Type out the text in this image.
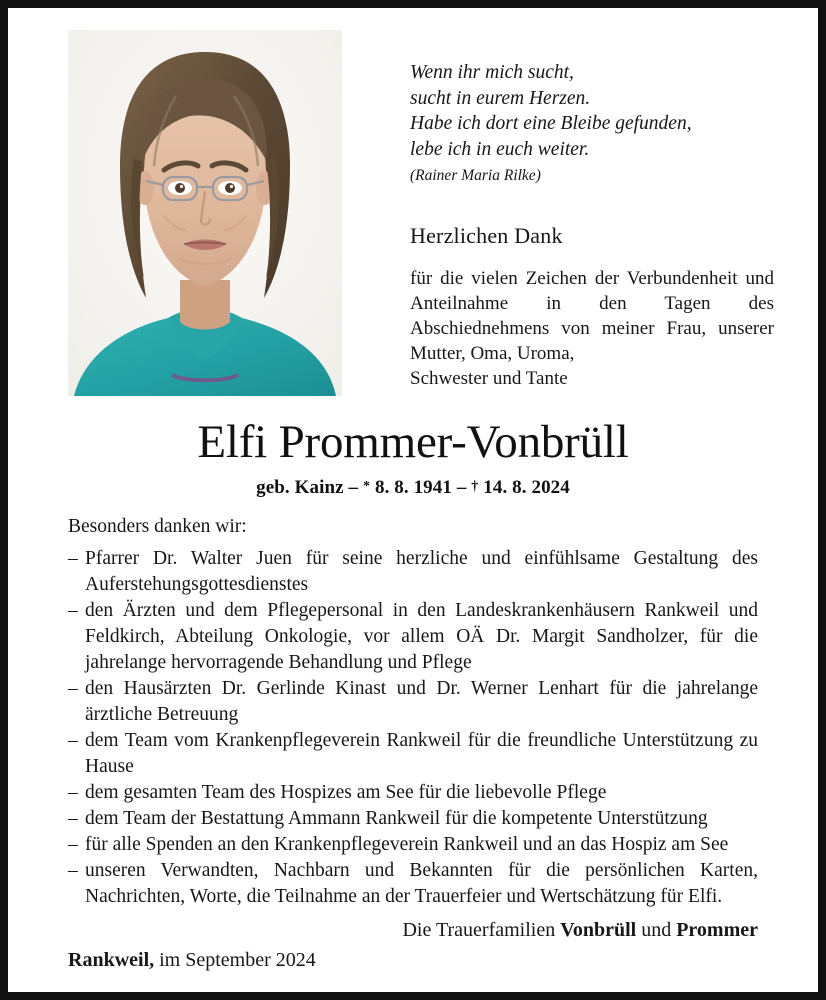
Wenn ihr mich sucht,
sucht in eurem Herzen.
Habe ich dort eine Bleibe gefunden,
lebe ich in euch weiter.
(Rainer Maria Rilke)
Herzlichen Dank
für die vielen Zeichen der Verbundenheit und Anteilnahme in den Tagen des Abschiednehmens von meiner Frau, unserer Mutter, Oma, Uroma,
Schwester und Tante
Elfi Prommer-Vonbrüll
geb. Kainz – * 8. 8. 1941 – † 14. 8. 2024
Besonders danken wir:
– Pfarrer Dr. Walter Juen für seine herzliche und einfühlsame Gestaltung des Auferstehungsgottesdienstes
– den Ärzten und dem Pflegepersonal in den Landeskrankenhäusern Rankweil und Feldkirch, Abteilung Onkologie, vor allem OÄ Dr. Margit Sandholzer, für die jahrelange hervorragende Behandlung und Pflege
– den Hausärzten Dr. Gerlinde Kinast und Dr. Werner Lenhart für die jahrelange ärztliche Betreuung
– dem Team vom Krankenpflegeverein Rankweil für die freundliche Unterstützung zu Hause
– dem gesamten Team des Hospizes am See für die liebevolle Pflege
– dem Team der Bestattung Ammann Rankweil für die kompetente Unterstützung
– für alle Spenden an den Krankenpflegeverein Rankweil und an das Hospiz am See
– unseren Verwandten, Nachbarn und Bekannten für die persönlichen Karten, Nachrichten, Worte, die Teilnahme an der Trauerfeier und Wertschätzung für Elfi.
Die Trauerfamilien Vonbrüll und Prommer
Rankweil, im September 2024
